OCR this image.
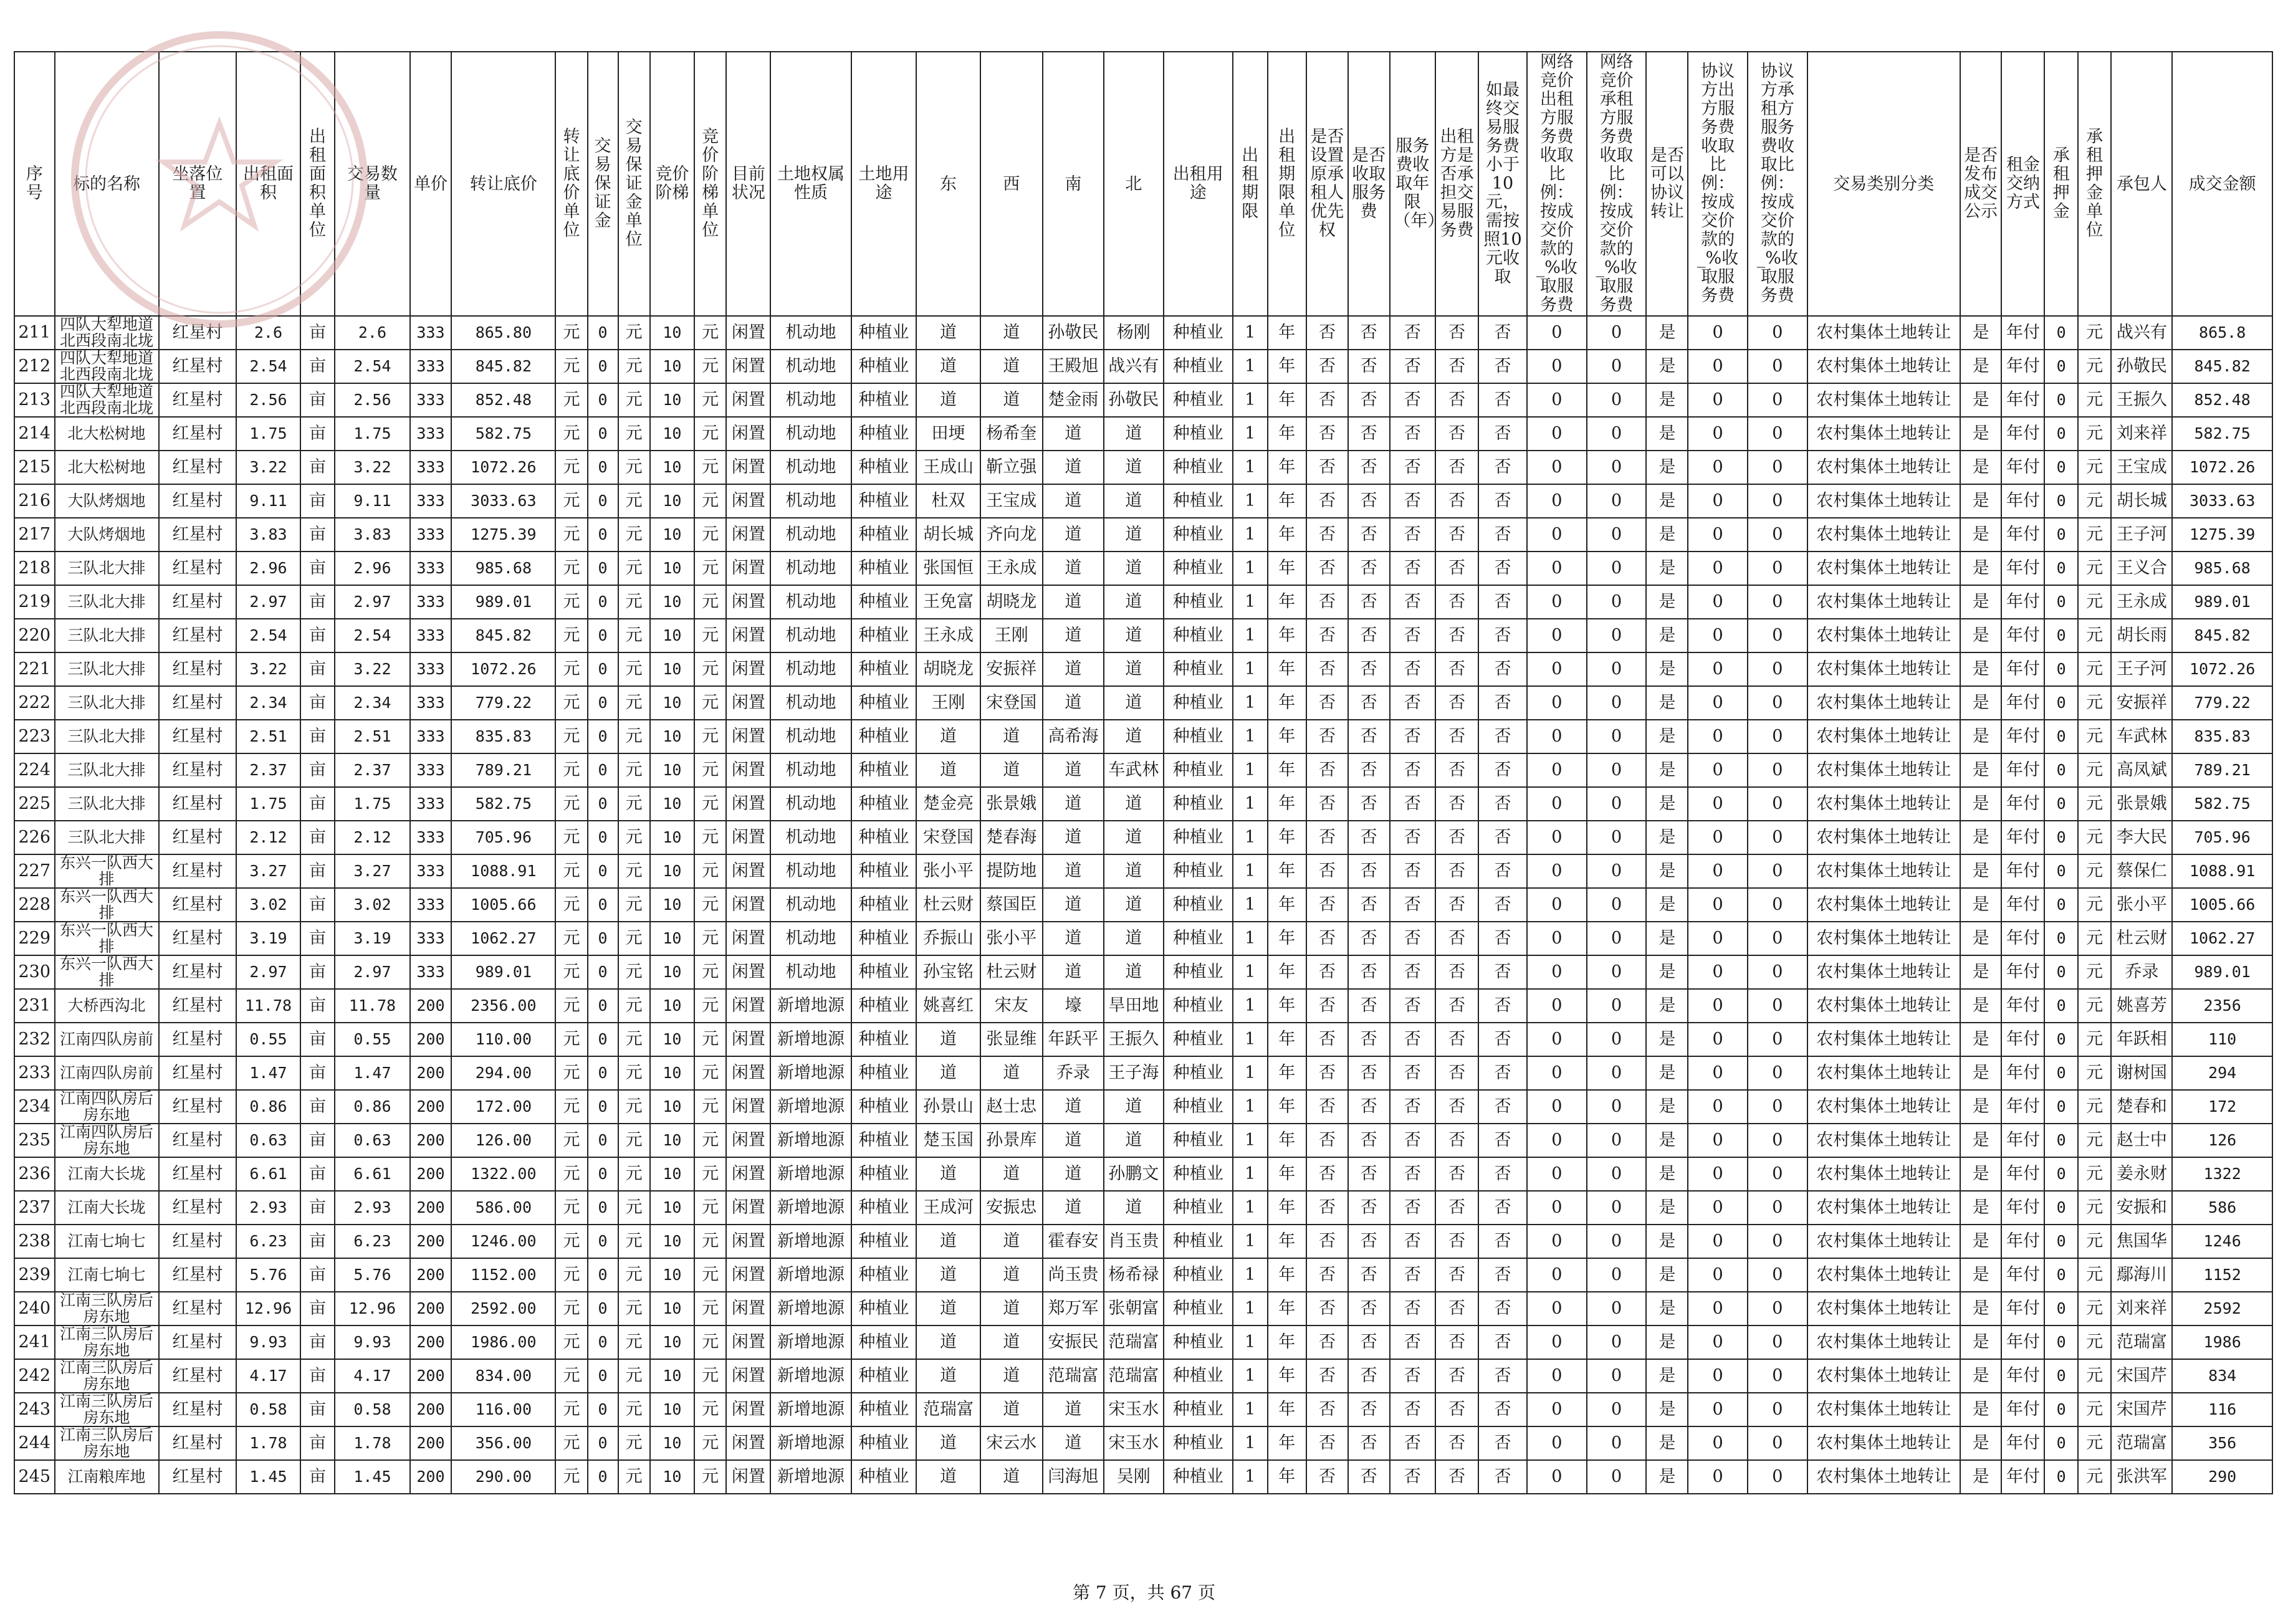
序号	标的名称	坐落位置	出租面积	出租面积单位	交易数量	单价	转让底价	转让底价单位	交易保证金	交易保证金单位	竞价阶梯	竞价阶梯单位	目前状况	土地权属性质	土地用途	东	西	南	北	出租用途	出租期限	出租期限单位	是否设置原承租人优先权	是否收取服务费	服务费收取年限（年）	出租方是否承担交易服务费	如最终交易服务费小于10元，需按照10元收取	网络竞价出租方服务费收取比例：按成交价款的_%收取服务费	网络竞价承租方服务费收取比例：按成交价款的_%收取服务费	是否可以协议转让	协议方出方服务费收取比例：按成交价款的_%收取服务费	协议方承租方服务费收取比例：按成交价款的_%收取服务费	交易类别分类	是否发布成交公示	租金交纳方式	承租押金	承租押金单位	承包人	成交金额
211	四队大犁地道北西段南北垅	红星村	2.6	亩	2.6	333	865.80	元	0	元	10	元	闲置	机动地	种植业	道	道	孙敬民	杨刚	种植业	1	年	否	否	否	否	否	0	0	是	0	0	农村集体土地转让	是	年付	0	元	战兴有	865.8
212	四队大犁地道北西段南北垅	红星村	2.54	亩	2.54	333	845.82	元	0	元	10	元	闲置	机动地	种植业	道	道	王殿旭	战兴有	种植业	1	年	否	否	否	否	否	0	0	是	0	0	农村集体土地转让	是	年付	0	元	孙敬民	845.82
213	四队大犁地道北西段南北垅	红星村	2.56	亩	2.56	333	852.48	元	0	元	10	元	闲置	机动地	种植业	道	道	楚金雨	孙敬民	种植业	1	年	否	否	否	否	否	0	0	是	0	0	农村集体土地转让	是	年付	0	元	王振久	852.48
214	北大松树地	红星村	1.75	亩	1.75	333	582.75	元	0	元	10	元	闲置	机动地	种植业	田埂	杨希奎	道	道	种植业	1	年	否	否	否	否	否	0	0	是	0	0	农村集体土地转让	是	年付	0	元	刘来祥	582.75
215	北大松树地	红星村	3.22	亩	3.22	333	1072.26	元	0	元	10	元	闲置	机动地	种植业	王成山	靳立强	道	道	种植业	1	年	否	否	否	否	否	0	0	是	0	0	农村集体土地转让	是	年付	0	元	王宝成	1072.26
216	大队烤烟地	红星村	9.11	亩	9.11	333	3033.63	元	0	元	10	元	闲置	机动地	种植业	杜双	王宝成	道	道	种植业	1	年	否	否	否	否	否	0	0	是	0	0	农村集体土地转让	是	年付	0	元	胡长城	3033.63
217	大队烤烟地	红星村	3.83	亩	3.83	333	1275.39	元	0	元	10	元	闲置	机动地	种植业	胡长城	齐向龙	道	道	种植业	1	年	否	否	否	否	否	0	0	是	0	0	农村集体土地转让	是	年付	0	元	王子河	1275.39
218	三队北大排	红星村	2.96	亩	2.96	333	985.68	元	0	元	10	元	闲置	机动地	种植业	张国恒	王永成	道	道	种植业	1	年	否	否	否	否	否	0	0	是	0	0	农村集体土地转让	是	年付	0	元	王义合	985.68
219	三队北大排	红星村	2.97	亩	2.97	333	989.01	元	0	元	10	元	闲置	机动地	种植业	王免富	胡晓龙	道	道	种植业	1	年	否	否	否	否	否	0	0	是	0	0	农村集体土地转让	是	年付	0	元	王永成	989.01
220	三队北大排	红星村	2.54	亩	2.54	333	845.82	元	0	元	10	元	闲置	机动地	种植业	王永成	王刚	道	道	种植业	1	年	否	否	否	否	否	0	0	是	0	0	农村集体土地转让	是	年付	0	元	胡长雨	845.82
221	三队北大排	红星村	3.22	亩	3.22	333	1072.26	元	0	元	10	元	闲置	机动地	种植业	胡晓龙	安振祥	道	道	种植业	1	年	否	否	否	否	否	0	0	是	0	0	农村集体土地转让	是	年付	0	元	王子河	1072.26
222	三队北大排	红星村	2.34	亩	2.34	333	779.22	元	0	元	10	元	闲置	机动地	种植业	王刚	宋登国	道	道	种植业	1	年	否	否	否	否	否	0	0	是	0	0	农村集体土地转让	是	年付	0	元	安振祥	779.22
223	三队北大排	红星村	2.51	亩	2.51	333	835.83	元	0	元	10	元	闲置	机动地	种植业	道	道	高希海	道	种植业	1	年	否	否	否	否	否	0	0	是	0	0	农村集体土地转让	是	年付	0	元	车武林	835.83
224	三队北大排	红星村	2.37	亩	2.37	333	789.21	元	0	元	10	元	闲置	机动地	种植业	道	道	道	车武林	种植业	1	年	否	否	否	否	否	0	0	是	0	0	农村集体土地转让	是	年付	0	元	高凤斌	789.21
225	三队北大排	红星村	1.75	亩	1.75	333	582.75	元	0	元	10	元	闲置	机动地	种植业	楚金亮	张景娥	道	道	种植业	1	年	否	否	否	否	否	0	0	是	0	0	农村集体土地转让	是	年付	0	元	张景娥	582.75
226	三队北大排	红星村	2.12	亩	2.12	333	705.96	元	0	元	10	元	闲置	机动地	种植业	宋登国	楚春海	道	道	种植业	1	年	否	否	否	否	否	0	0	是	0	0	农村集体土地转让	是	年付	0	元	李大民	705.96
227	东兴一队西大排	红星村	3.27	亩	3.27	333	1088.91	元	0	元	10	元	闲置	机动地	种植业	张小平	提防地	道	道	种植业	1	年	否	否	否	否	否	0	0	是	0	0	农村集体土地转让	是	年付	0	元	蔡保仁	1088.91
228	东兴一队西大排	红星村	3.02	亩	3.02	333	1005.66	元	0	元	10	元	闲置	机动地	种植业	杜云财	蔡国臣	道	道	种植业	1	年	否	否	否	否	否	0	0	是	0	0	农村集体土地转让	是	年付	0	元	张小平	1005.66
229	东兴一队西大排	红星村	3.19	亩	3.19	333	1062.27	元	0	元	10	元	闲置	机动地	种植业	乔振山	张小平	道	道	种植业	1	年	否	否	否	否	否	0	0	是	0	0	农村集体土地转让	是	年付	0	元	杜云财	1062.27
230	东兴一队西大排	红星村	2.97	亩	2.97	333	989.01	元	0	元	10	元	闲置	机动地	种植业	孙宝铭	杜云财	道	道	种植业	1	年	否	否	否	否	否	0	0	是	0	0	农村集体土地转让	是	年付	0	元	乔录	989.01
231	大桥西沟北	红星村	11.78	亩	11.78	200	2356.00	元	0	元	10	元	闲置	新增地源	种植业	姚喜红	宋友	壕	旱田地	种植业	1	年	否	否	否	否	否	0	0	是	0	0	农村集体土地转让	是	年付	0	元	姚喜芳	2356
232	江南四队房前	红星村	0.55	亩	0.55	200	110.00	元	0	元	10	元	闲置	新增地源	种植业	道	张显维	年跃平	王振久	种植业	1	年	否	否	否	否	否	0	0	是	0	0	农村集体土地转让	是	年付	0	元	年跃相	110
233	江南四队房前	红星村	1.47	亩	1.47	200	294.00	元	0	元	10	元	闲置	新增地源	种植业	道	道	乔录	王子海	种植业	1	年	否	否	否	否	否	0	0	是	0	0	农村集体土地转让	是	年付	0	元	谢树国	294
234	江南四队房后房东地	红星村	0.86	亩	0.86	200	172.00	元	0	元	10	元	闲置	新增地源	种植业	孙景山	赵士忠	道	道	种植业	1	年	否	否	否	否	否	0	0	是	0	0	农村集体土地转让	是	年付	0	元	楚春和	172
235	江南四队房后房东地	红星村	0.63	亩	0.63	200	126.00	元	0	元	10	元	闲置	新增地源	种植业	楚玉国	孙景库	道	道	种植业	1	年	否	否	否	否	否	0	0	是	0	0	农村集体土地转让	是	年付	0	元	赵士中	126
236	江南大长垅	红星村	6.61	亩	6.61	200	1322.00	元	0	元	10	元	闲置	新增地源	种植业	道	道	道	孙鹏文	种植业	1	年	否	否	否	否	否	0	0	是	0	0	农村集体土地转让	是	年付	0	元	姜永财	1322
237	江南大长垅	红星村	2.93	亩	2.93	200	586.00	元	0	元	10	元	闲置	新增地源	种植业	王成河	安振忠	道	道	种植业	1	年	否	否	否	否	否	0	0	是	0	0	农村集体土地转让	是	年付	0	元	安振和	586
238	江南七垧七	红星村	6.23	亩	6.23	200	1246.00	元	0	元	10	元	闲置	新增地源	种植业	道	道	霍春安	肖玉贵	种植业	1	年	否	否	否	否	否	0	0	是	0	0	农村集体土地转让	是	年付	0	元	焦国华	1246
239	江南七垧七	红星村	5.76	亩	5.76	200	1152.00	元	0	元	10	元	闲置	新增地源	种植业	道	道	尚玉贵	杨希禄	种植业	1	年	否	否	否	否	否	0	0	是	0	0	农村集体土地转让	是	年付	0	元	鄢海川	1152
240	江南三队房后房东地	红星村	12.96	亩	12.96	200	2592.00	元	0	元	10	元	闲置	新增地源	种植业	道	道	郑万军	张朝富	种植业	1	年	否	否	否	否	否	0	0	是	0	0	农村集体土地转让	是	年付	0	元	刘来祥	2592
241	江南三队房后房东地	红星村	9.93	亩	9.93	200	1986.00	元	0	元	10	元	闲置	新增地源	种植业	道	道	安振民	范瑞富	种植业	1	年	否	否	否	否	否	0	0	是	0	0	农村集体土地转让	是	年付	0	元	范瑞富	1986
242	江南三队房后房东地	红星村	4.17	亩	4.17	200	834.00	元	0	元	10	元	闲置	新增地源	种植业	道	道	范瑞富	范瑞富	种植业	1	年	否	否	否	否	否	0	0	是	0	0	农村集体土地转让	是	年付	0	元	宋国芹	834
243	江南三队房后房东地	红星村	0.58	亩	0.58	200	116.00	元	0	元	10	元	闲置	新增地源	种植业	范瑞富	道	道	宋玉水	种植业	1	年	否	否	否	否	否	0	0	是	0	0	农村集体土地转让	是	年付	0	元	宋国芹	116
244	江南三队房后房东地	红星村	1.78	亩	1.78	200	356.00	元	0	元	10	元	闲置	新增地源	种植业	道	宋云水	道	宋玉水	种植业	1	年	否	否	否	否	否	0	0	是	0	0	农村集体土地转让	是	年付	0	元	范瑞富	356
245	江南粮库地	红星村	1.45	亩	1.45	200	290.00	元	0	元	10	元	闲置	新增地源	种植业	道	道	闫海旭	吴刚	种植业	1	年	否	否	否	否	否	0	0	是	0	0	农村集体土地转让	是	年付	0	元	张洪军	290
第 7 页，共 67 页
